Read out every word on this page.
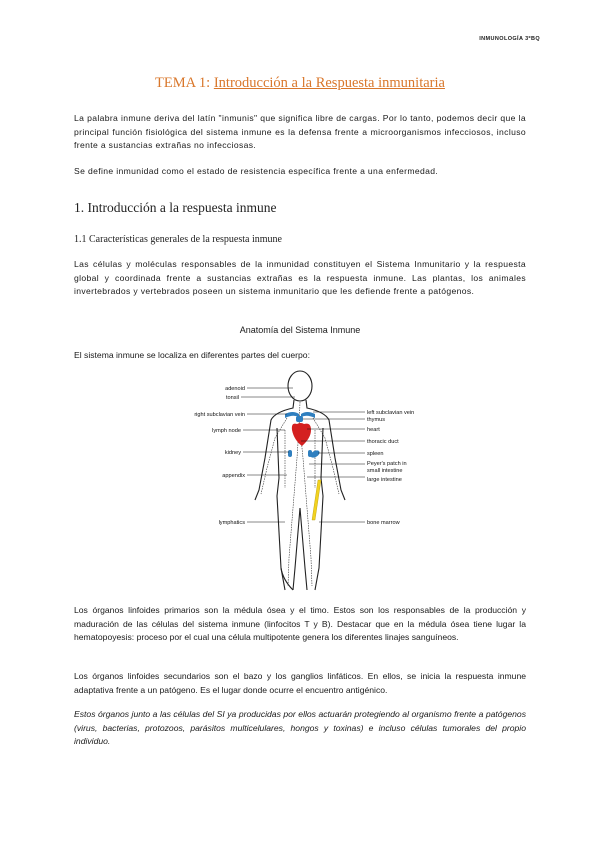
INMUNOLOGÍA 3ºBQ
TEMA 1: Introducción a la Respuesta inmunitaria
La palabra inmune deriva del latín "inmunis" que significa libre de cargas. Por lo tanto, podemos decir que la principal función fisiológica del sistema inmune es la defensa frente a microorganismos infecciosos, incluso frente a sustancias extrañas no infecciosas.
Se define inmunidad como el estado de resistencia específica frente a una enfermedad.
1. Introducción a la respuesta inmune
1.1 Características generales de la respuesta inmune
Las células y moléculas responsables de la inmunidad constituyen el Sistema Inmunitario y la respuesta global y coordinada frente a sustancias extrañas es la respuesta inmune. Las plantas, los animales invertebrados y vertebrados poseen un sistema inmunitario que les defiende frente a patógenos.
Anatomía del Sistema Inmune
El sistema inmune se localiza en diferentes partes del cuerpo:
adenoid
tonsil
right subclavian vein
lymph node
kidney
appendix
lymphatics
left subclavian vein
thymus
heart
thoracic duct
spleen
Peyer's patch in
small intestine
large intestine
bone marrow
Los órganos linfoides primarios son la médula ósea y el timo. Estos son los responsables de la producción y maduración de las células del sistema inmune (linfocitos T y B). Destacar que en la médula ósea tiene lugar la hematopoyesis: proceso por el cual una célula multipotente genera los diferentes linajes sanguíneos.
Los órganos linfoides secundarios son el bazo y los ganglios linfáticos. En ellos, se inicia la respuesta inmune adaptativa frente a un patógeno. Es el lugar donde ocurre el encuentro antigénico.
Estos órganos junto a las células del SI ya producidas por ellos actuarán protegiendo al organismo frente a patógenos (virus, bacterias, protozoos, parásitos multicelulares, hongos y toxinas) e incluso células tumorales del propio individuo.
